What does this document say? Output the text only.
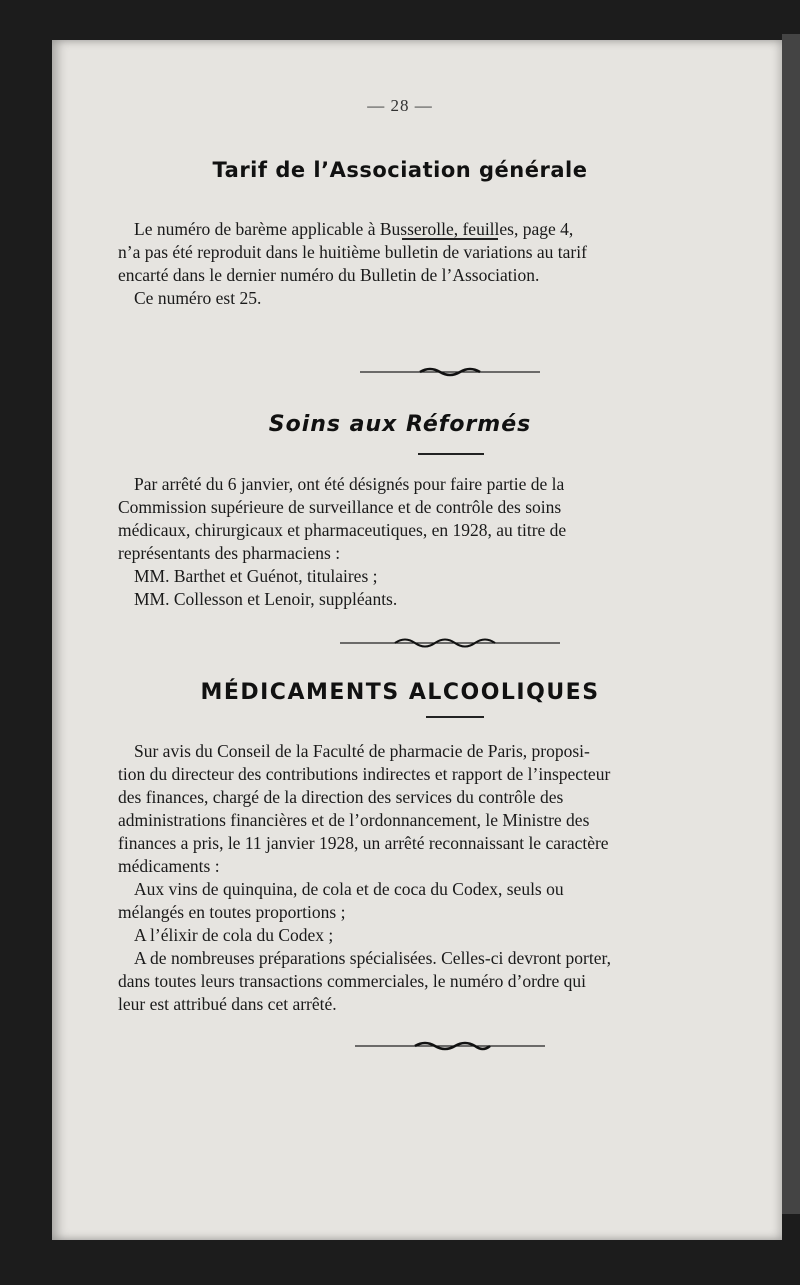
— 28 —
Tarif de l’Association générale
Le numéro de barème applicable à Busserolle, feuilles, page 4,
n’a pas été reproduit dans le huitième bulletin de variations au tarif
encarté dans le dernier numéro du Bulletin de l’Association.
Ce numéro est 25.
Soins aux Réformés
Par arrêté du 6 janvier, ont été désignés pour faire partie de la
Commission supérieure de surveillance et de contrôle des soins
médicaux, chirurgicaux et pharmaceutiques, en 1928, au titre de
représentants des pharmaciens :
MM. Barthet et Guénot, titulaires ;
MM. Collesson et Lenoir, suppléants.
MÉDICAMENTS ALCOOLIQUES
Sur avis du Conseil de la Faculté de pharmacie de Paris, proposi-
tion du directeur des contributions indirectes et rapport de l’inspecteur
des finances, chargé de la direction des services du contrôle des
administrations financières et de l’ordonnancement, le Ministre des
finances a pris, le 11 janvier 1928, un arrêté reconnaissant le caractère
médicaments :
Aux vins de quinquina, de cola et de coca du Codex, seuls ou
mélangés en toutes proportions ;
A l’élixir de cola du Codex ;
A de nombreuses préparations spécialisées. Celles-ci devront porter,
dans toutes leurs transactions commerciales, le numéro d’ordre qui
leur est attribué dans cet arrêté.
